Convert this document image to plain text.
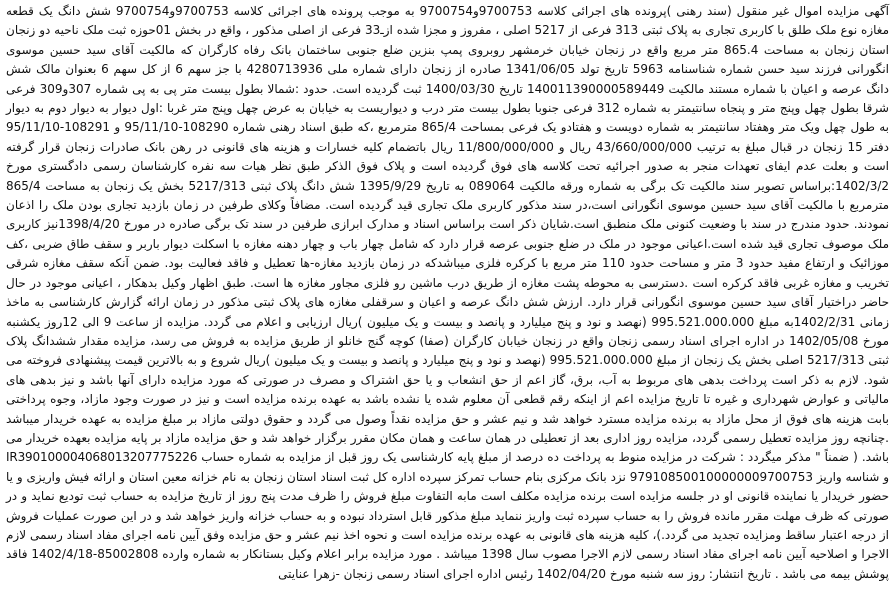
آگهی مزایده اموال غیر منقول (سند رهنی )پرونده های اجرائی کلاسه 9700753و9700754 به موجب پرونده های اجرائی کلاسه 9700753و9700754 شش دانگ یک قطعه مغازه نوع ملک طلق با کاربری تجاری به پلاک ثبتی 313 فرعی از 5217 اصلی ، مفروز و مجزا شده ازـ33 فرعی از اصلی مذکور ، واقع در بخش 01حوزه ثبت ملک ناحیه دو زنجان استان زنجان به مساحت 865.4 متر مربع واقع در زنجان خیابان خرمشهر روبروی پمپ بنزین ضلع جنوبی ساختمان بانک رفاه کارگران که مالکیت آقای سید حسین موسوی انگورانی فرزند سید حسن شماره شناسنامه 5963 تاریخ تولد 1341/06/05 صادره از زنجان دارای شماره ملی 4280713936 با جز سهم 6 از کل سهم 6 بعنوان مالک شش دانگ عرصه و اعیان با شماره مستند مالکیت 140011390000589449 تاریخ 1400/03/30 ثبت گردیده است. حدود :شمالا بطول بیست متر پی به پی شماره 307و309 فرعی شرقا بطول چهل وپنج متر و پنجاه سانتیمتر به شماره 312 فرعی جنوبا بطول بیست متر درب و دیواریست به خیابان به عرض چهل وپنج متر غربا :اول دیوار به دیوار دوم به دیوار به طول چهل ویک متر وهفتاد سانتیمتر به شماره دویست و هفتادو یک فرعی بمساحت 865/4 مترمربع ،که طبق اسناد رهنی شماره 108290-95/11/10 و 108291-95/11/10 دفتر 15 زنجان در قبال مبلغ به ترتیب 43/660/000/000 ریال و 11/800/000/000 ریال باتضمام کلیه خسارات و هزینه های قانونی در رهن بانک صادرات زنجان قرار گرفته است و بعلت عدم ایفای تعهدات منجر به صدور اجرائیه تحت کلاسه های فوق گردیده است و پلاک فوق الذکر طبق نظر هیات سه نفره کارشناسان رسمی دادگستری مورخ 1402/3/2:براساس تصویر سند مالکیت تک برگی به شماره ورقه مالکیت 089064 به تاریخ 1395/9/29 شش دانگ پلاک ثبتی 5217/313 بخش یک زنجان به مساحت 865/4 مترمربع با مالکیت آقای سید حسین موسوی انگورانی است،در سند مذکور کاربری ملک تجاری قید گردیده است. مضافاً وکلای طرفین در زمان بازدید تجاری بودن ملک را اذعان نمودند. حدود مندرج در سند با وضعیت کنونی ملک منطبق است.شایان ذکر است براساس اسناد و مدارک ابرازی طرفین در سند تک برگی صادره در مورخ 1398/4/20نیز کاربری ملک موصوف تجاری قید شده است.اعیانی موجود در ملک در ضلع جنوبی عرصه قرار دارد که شامل چهار باب و چهار دهنه مغازه با اسکلت دیوار باربر و سقف طاق ضربی ،کف موزائیک و ارتفاع مفید حدود 3 متر و مساحت حدود 110 متر مربع با کرکره فلزی میباشدکه در زمان بازدید مغازه-ها تعطیل و فاقد فعالیت بود. ضمن آنکه سقف مغازه شرقی تخریب و مغازه غربی فاقد کرکره است .دسترسی به محوطه پشت مغازه از طریق درب ماشین رو فلزی مجاور مغازه ها است. طبق اظهار وکیل بدهکار ، اعیانی موجود در حال حاضر دراختیار آقای سید حسین موسوی انگورانی قرار دارد. ارزش شش دانگ عرصه و اعیان و سرقفلی مغازه های پلاک ثبتی مذکور در زمان ارائه گزارش کارشناسی به ماخذ زمانی 1402/2/31به مبلغ 995.521.000.000 (نهصد و نود و پنج میلیارد و پانصد و بیست و یک میلیون )ریال ارزیابی و اعلام می گردد. مزایده از ساعت 9 الی 12روز یکشنبه مورخ 1402/05/08 در اداره اجرای اسناد رسمی زنجان واقع در زنجان خیابان کارگران (صفا) کوچه گنج خانلو از طریق مزایده به فروش می رسد، مزایده مقدار ششدانگ پلاک ثبتی 5217/313 اصلی بخش یک زنجان از مبلغ 995.521.000.000 (نهصد و نود و پنج میلیارد و پانصد و بیست و یک میلیون )ریال شروع و به بالاترین قیمت پیشنهادی فروخته می شود. لازم به ذکر است پرداخت بدهی های مربوط به آب، برق، گاز اعم از حق انشعاب و یا حق اشتراک و مصرف در صورتی که مورد مزایده دارای آنها باشد و نیز بدهی های مالیاتی و عوارض شهرداری و غیره تا تاریخ مزایده اعم از اینکه رقم قطعی آن معلوم شده یا نشده باشد به عهده برنده مزایده است و نیز در صورت وجود مازاد، وجوه پرداختی بابت هزینه های فوق از محل مازاد به برنده مزایده مسترد خواهد شد و نیم عشر و حق مزایده نقداً وصول می گردد و حقوق دولتی مازاد بر مبلغ مزایده به عهده خریدار میباشد .چنانچه روز مزایده تعطیل رسمی گردد، مزایده روز اداری بعد از تعطیلی در همان ساعت و همان مکان مقرر برگزار خواهد شد و حق مزایده مازاد بر پایه مزایده بعهده خریدار می باشد. ( ضمناً " مذکر میگردد : شرکت در مزایده منوط به پرداخت ده درصد از مبلغ پایه کارشناسی یک روز قبل از مزایده به شماره حساب IR390100004068013207775226 و شناسه واریز 979108500100000009700753 نزد بانک مرکزی بنام حساب تمرکز سپرده اداره کل ثبت اسناد استان زنجان به نام خزانه معین استان و ارائه فیش واریزی و یا حضور خریدار یا نماینده قانونی او در جلسه مزایده است برنده مزایده مکلف است مابه التفاوت مبلغ فروش را ظرف مدت پنج روز از تاریخ مزایده به حساب ثبت تودیع نماید و در صورتی که ظرف مهلت مقرر مانده فروش را به حساب سپرده ثبت واریز ننماید مبلغ مذکور قابل استرداد نبوده و به حساب خزانه واریز خواهد شد و در این صورت عملیات فروش از درجه اعتبار ساقط ومزایده تجدید می گردد.)، کلیه هزینه های قانونی به عهده برنده مزایده است و نحوه اخذ نیم عشر و حق مزایده وفق آیین نامه اجرای مفاد اسناد رسمی لازم الاجرا و اصلاحیه آیین نامه اجرای مفاد اسناد رسمی لازم الاجرا مصوب سال 1398 میباشد . مورد مزایده برابر اعلام وکیل بستانکار به شماره وارده 85002808-1402/4/18 فاقد پوشش بیمه می باشد . تاریخ انتشار: روز سه شنبه مورخ 1402/04/20 رئیس اداره اجرای اسناد رسمی زنجان -زهرا عنایتی
